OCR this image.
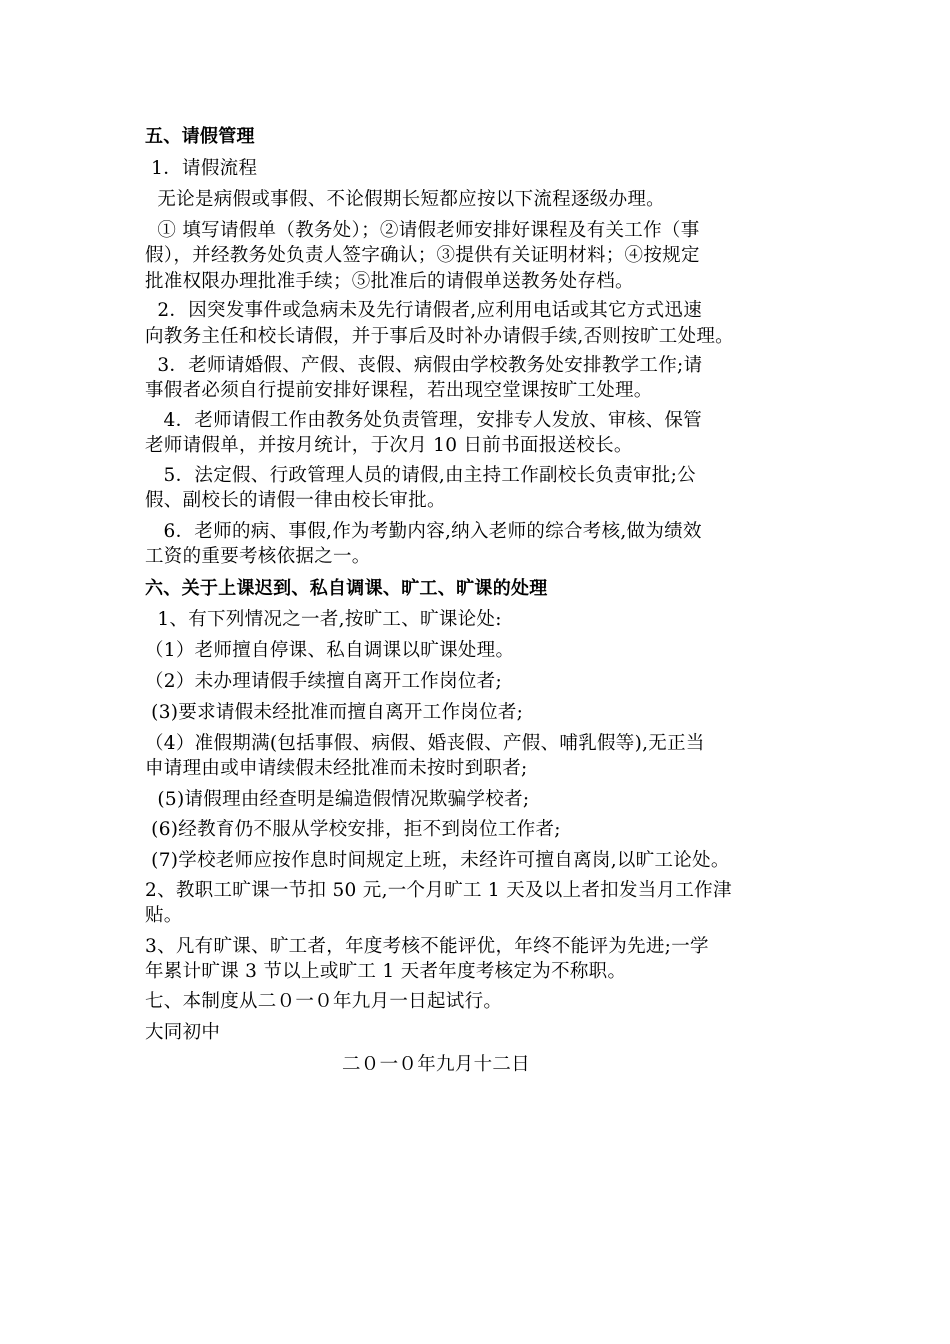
五、请假管理
1．请假流程
无论是病假或事假、不论假期长短都应按以下流程逐级办理。
① 填写请假单（教务处）；②请假老师安排好课程及有关工作（事
假），并经教务处负责人签字确认；③提供有关证明材料；④按规定
批准权限办理批准手续；⑤批准后的请假单送教务处存档。
2．因突发事件或急病未及先行请假者,应利用电话或其它方式迅速
向教务主任和校长请假，并于事后及时补办请假手续,否则按旷工处理。
3．老师请婚假、产假、丧假、病假由学校教务处安排教学工作;请
事假者必须自行提前安排好课程，若出现空堂课按旷工处理。
4．老师请假工作由教务处负责管理，安排专人发放、审核、保管
老师请假单，并按月统计，于次月 10 日前书面报送校长。
5．法定假、行政管理人员的请假,由主持工作副校长负责审批;公
假、副校长的请假一律由校长审批。
6．老师的病、事假,作为考勤内容,纳入老师的综合考核,做为绩效
工资的重要考核依据之一。
六、关于上课迟到、私自调课、旷工、旷课的处理
1、有下列情况之一者,按旷工、旷课论处:
（1）老师擅自停课、私自调课以旷课处理。
（2）未办理请假手续擅自离开工作岗位者;
(3)要求请假未经批准而擅自离开工作岗位者;
（4）准假期满(包括事假、病假、婚丧假、产假、哺乳假等),无正当
申请理由或申请续假未经批准而未按时到职者;
(5)请假理由经查明是编造假情况欺骗学校者;
(6)经教育仍不服从学校安排，拒不到岗位工作者;
(7)学校老师应按作息时间规定上班，未经许可擅自离岗,以旷工论处。
2、教职工旷课一节扣 50 元,一个月旷工 1 天及以上者扣发当月工作津
贴。
3、凡有旷课、旷工者，年度考核不能评优，年终不能评为先进;一学
年累计旷课 3 节以上或旷工 1 天者年度考核定为不称职。
七、本制度从二０一０年九月一日起试行。
大同初中
二０一０年九月十二日
